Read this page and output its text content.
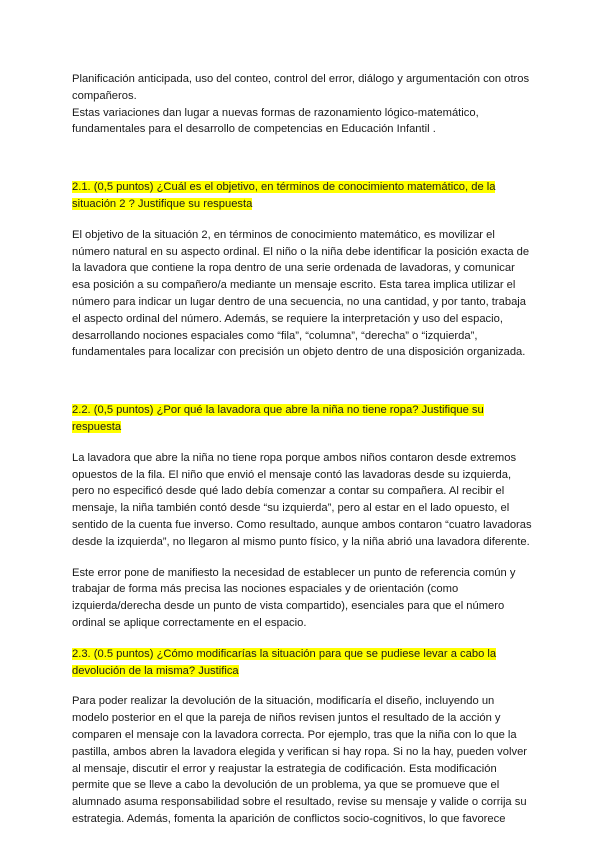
Planificación anticipada, uso del conteo, control del error, diálogo y argumentación con otros compañeros.

Estas variaciones dan lugar a nuevas formas de razonamiento lógico-matemático, fundamentales para el desarrollo de competencias en Educación Infantil .

2.1. (0,5 puntos) ¿Cuál es el objetivo, en términos de conocimiento matemático, de la situación 2 ? Justifique su respuesta

El objetivo de la situación 2, en términos de conocimiento matemático, es movilizar el número natural en su aspecto ordinal. El niño o la niña debe identificar la posición exacta de la lavadora que contiene la ropa dentro de una serie ordenada de lavadoras, y comunicar esa posición a su compañero/a mediante un mensaje escrito. Esta tarea implica utilizar el número para indicar un lugar dentro de una secuencia, no una cantidad, y por tanto, trabaja el aspecto ordinal del número. Además, se requiere la interpretación y uso del espacio, desarrollando nociones espaciales como “fila”, “columna”, “derecha” o “izquierda”, fundamentales para localizar con precisión un objeto dentro de una disposición organizada.

2.2. (0,5 puntos) ¿Por qué la lavadora que abre la niña no tiene ropa? Justifique su respuesta

La lavadora que abre la niña no tiene ropa porque ambos niños contaron desde extremos opuestos de la fila. El niño que envió el mensaje contó las lavadoras desde su izquierda, pero no especificó desde qué lado debía comenzar a contar su compañera. Al recibir el mensaje, la niña también contó desde “su izquierda”, pero al estar en el lado opuesto, el sentido de la cuenta fue inverso. Como resultado, aunque ambos contaron “cuatro lavadoras desde la izquierda”, no llegaron al mismo punto físico, y la niña abrió una lavadora diferente.

Este error pone de manifiesto la necesidad de establecer un punto de referencia común y trabajar de forma más precisa las nociones espaciales y de orientación (como izquierda/derecha desde un punto de vista compartido), esenciales para que el número ordinal se aplique correctamente en el espacio.

2.3. (0.5 puntos) ¿Cómo modificarías la situación para que se pudiese levar a cabo la devolución de la misma? Justifica

Para poder realizar la devolución de la situación, modificaría el diseño, incluyendo un modelo posterior en el que la pareja de niños revisen juntos el resultado de la acción y comparen el mensaje con la lavadora correcta. Por ejemplo, tras que la niña con lo que la pastilla, ambos abren la lavadora elegida y verifican si hay ropa. Si no la hay, pueden volver al mensaje, discutir el error y reajustar la estrategia de codificación. Esta modificación permite que se lleve a cabo la devolución de un problema, ya que se promueve que el alumnado asuma responsabilidad sobre el resultado, revise su mensaje y valide o corrija su estrategia. Además, fomenta la aparición de conflictos socio-cognitivos, lo que favorece
